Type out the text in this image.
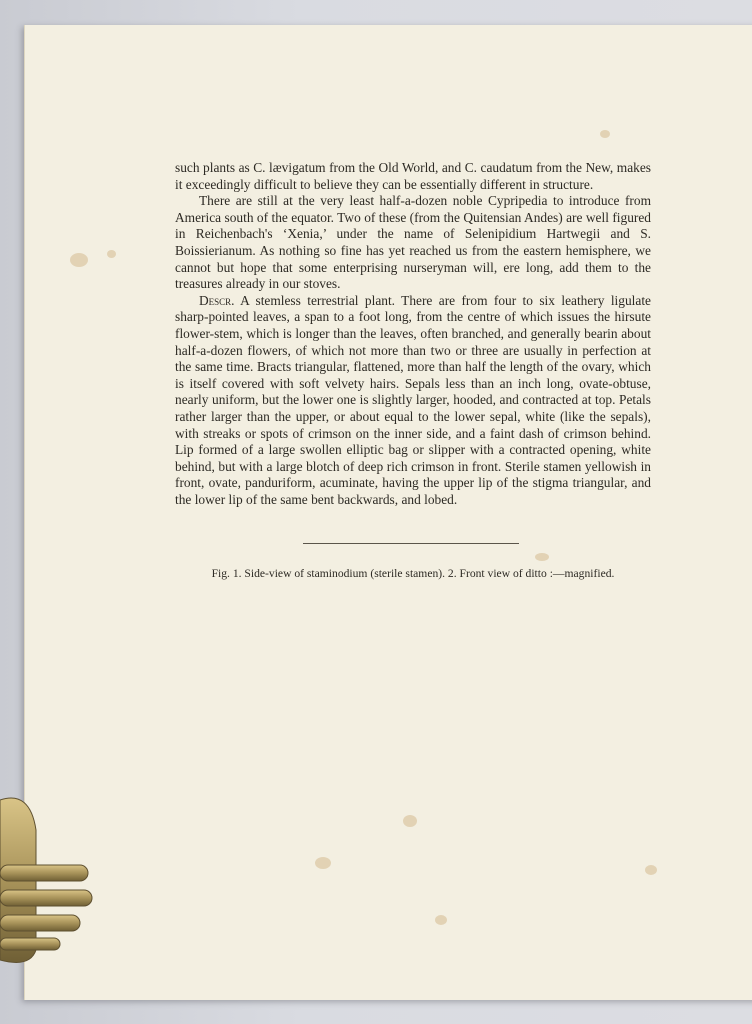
such plants as C. lævigatum from the Old World, and C. caudatum from the New, makes it exceedingly difficult to believe they can be essentially different in structure.

There are still at the very least half-a-dozen noble Cypripedia to introduce from America south of the equator. Two of these (from the Quitensian Andes) are well figured in Reichenbach's ‘Xenia,’ under the name of Selenipidium Hartwegii and S. Boissierianum. As nothing so fine has yet reached us from the eastern hemisphere, we cannot but hope that some enterprising nurseryman will, ere long, add them to the treasures already in our stoves.

Descr. A stemless terrestrial plant. There are from four to six leathery ligulate sharp-pointed leaves, a span to a foot long, from the centre of which issues the hirsute flower-stem, which is longer than the leaves, often branched, and generally bearin about half-a-dozen flowers, of which not more than two or three are usually in perfection at the same time. Bracts triangular, flattened, more than half the length of the ovary, which is itself covered with soft velvety hairs. Sepals less than an inch long, ovate-obtuse, nearly uniform, but the lower one is slightly larger, hooded, and contracted at top. Petals rather larger than the upper, or about equal to the lower sepal, white (like the sepals), with streaks or spots of crimson on the inner side, and a faint dash of crimson behind. Lip formed of a large swollen elliptic bag or slipper with a contracted opening, white behind, but with a large blotch of deep rich crimson in front. Sterile stamen yellowish in front, ovate, panduriform, acuminate, having the upper lip of the stigma triangular, and the lower lip of the same bent backwards, and lobed.

Fig. 1. Side-view of staminodium (sterile stamen). 2. Front view of ditto :—magnified.
